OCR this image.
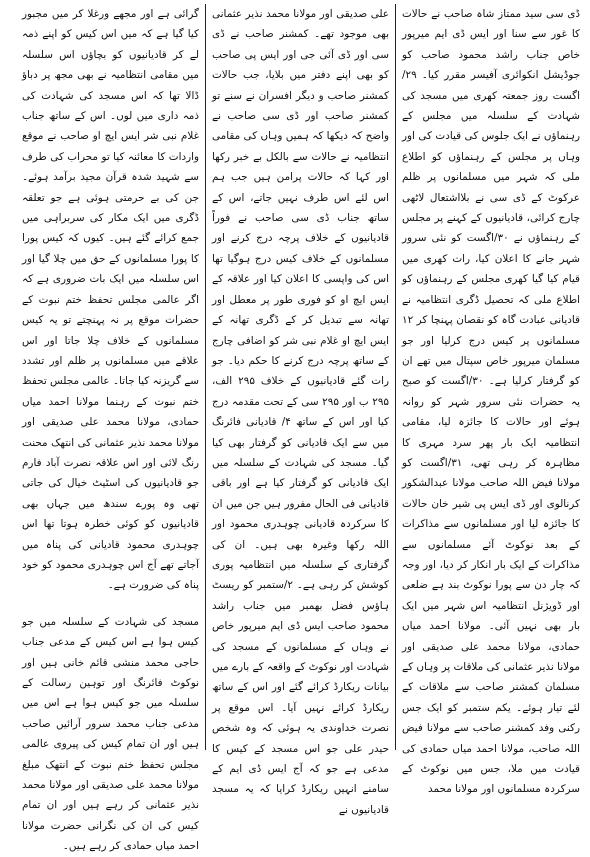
ڈی سی سید ممتاز شاہ صاحب نے حالات کا غور سے سنا اور ایس ڈی ایم میرپور خاص جناب راشد محمود صاحب کو جوڈیشل انکوائری آفیسر مقرر کیا۔ ۲۹/اگست روز جمعتہ کھری میں مسجد کی شہادت کے سلسلہ میں مجلس کے رہنماؤں نے ایک جلوس کی قیادت کی اور وہاں پر مجلس کے رہنماؤں کو اطلاع ملی کہ شہر میں مسلمانوں پر ظلم عرکوٹ کے ڈی سی نے بلااشتعال لاٹھی چارج کرائی، قادیانیوں کے کہنے پر مجلس کے رہنماؤں نے ۳۰/اگست کو نئی سرور شہر جانے کا اعلان کیا، رات کھری میں قیام کیا گیا کھری مجلس کے رہنماؤں کو اطلاع ملی کہ تحصیل ڈگری انتظامیہ نے قادیانی عبادت گاہ کو نقصان پہنچا کر ۱۲ مسلمانوں پر کیس درج کرلیا اور جو مسلمان میرپور خاص سپتال میں تھے ان کو گرفتار کرلیا ہے۔ ۳۰/اگست کو صبح یہ حضرات نئی سرور شہر کو روانہ ہوئے اور حالات کا جائزہ لیا، مقامی انتظامیہ ایک بار پھر سرد مہری کا مظاہرہ کر رہی تھی، ۳۱/اگست کو مولانا فیض اللہ صاحب مولانا عبدالشکور کرنالوی اور ڈی ایس پی شیر خان حالات کا جائزہ لیا اور مسلمانوں سے مذاکرات کے بعد نوکوٹ آئے مسلمانوں سے مذاکرات کے ایک بار انکار کر دیا، اور وجہ کہ چار دن سے پورا نوکوٹ بند ہے ضلعی اور ڈویژنل انتظامیہ اس شہر میں ایک بار بھی نہیں آئی۔ مولانا احمد میاں حمادی، مولانا محمد علی صدیقی اور مولانا نذیر عثمانی کی ملاقات پر وہاں کے مسلمان کمشنر صاحب سے ملاقات کے لئے تیار ہوئے۔ یکم ستمبر کو ایک جس رکنی وفد کمشنر صاحب سے مولانا فیض اللہ صاحب، مولانا احمد میاں حمادی کی قیادت میں ملا، جس میں نوکوٹ کے سرکردہ مسلمانوں اور مولانا محمد

علی صدیقی اور مولانا محمد نذیر عثمانی بھی موجود تھے۔ کمشنر صاحب نے ڈی سی اور ڈی آئی جی اور ایس پی صاحب کو بھی اپنے دفتر میں بلایا، جب حالات کمشنر صاحب و دیگر افسران نے سنے تو کمشنر صاحب اور ڈی سی صاحب نے واضح کہ دیکھا کہ ہمیں وہاں کی مقامی انتظامیہ نے حالات سے بالکل بے خبر رکھا اور کہا کہ حالات پرامن ہیں جب ہم اس لئے اس طرف نہیں جاتے، اس کے ساتھ جناب ڈی سی صاحب نے فوراً قادیانیوں کے خلاف پرچہ درج کرنے اور مسلمانوں کے خلاف کیس درج ہوگیا تھا اس کی واپسی کا اعلان کیا اور علاقہ کے ایس ایچ او کو فوری طور پر معطل اور تھانہ سے تبدیل کر کے ڈگری تھانہ کے ایس ایچ او غلام نبی شر کو اضافی چارج کے ساتھ پرچہ درج کرنے کا حکم دیا۔ جو رات گئے قادیانیوں کے خلاف ۲۹۵ الف، ۲۹۵ ب اور ۲۹۵ سی کے تحت مقدمہ درج کیا اور اس کے ساتھ ۴/ قادیانی فائرنگ میں سے ایک قادیانی کو گرفتار بھی کیا گیا۔ مسجد کی شہادت کے سلسلہ میں ایک قادیانی کو گرفتار کیا ہے اور باقی قادیانی فی الحال مفرور ہیں جن میں ان کا سرکردہ قادیانی چوہدری محمود اور اللہ رکھا وغیرہ بھی ہیں۔ ان کی گرفتاری کے سلسلہ میں انتظامیہ پوری کوشش کر رہی ہے۔ ۲/ستمبر کو ریسٹ ہاؤس فضل بھمبر میں جناب راشد محمود صاحب ایس ڈی ایم میرپور خاص نے وہاں کے مسلمانوں کے مسجد کی شہادت اور نوکوٹ کے واقعہ کے بارے میں بیانات ریکارڈ کرائے گئے اور اس کے ساتھ ریکارڈ کرائے نہیں آیا۔ اس موقع پر نصرت خداوندی یہ ہوئی کہ وہ شخص حیدر علی جو اس مسجد کے کیس کا مدعی ہے جو کہ آج ایس ڈی ایم کے سامنے انہیں ریکارڈ کرایا کہ یہ مسجد قادیانیوں نے

گرائی ہے اور مجھے ورغلا کر میں مجبور کیا گیا ہے کہ میں اس کیس کو اپنے ذمہ لے کر قادیانیوں کو بچاؤں اس سلسلہ میں مقامی انتظامیہ نے بھی مجھ پر دباؤ ڈالا تھا کہ اس مسجد کی شہادت کی ذمہ داری میں لوں۔ اس کے ساتھ جناب غلام نبی شر ایس ایچ او صاحب نے موقع واردات کا معائنہ کیا تو محراب کی طرف سے شہید شدہ قرآن مجید برآمد ہوئے۔ جن کی بے حرمتی ہوئی ہے جو تعلقہ ڈگری میں ایک مکار کی سربراہی میں جمع کرائے گئے ہیں۔ کیوں کہ کیس پورا کا پورا مسلمانوں کے حق میں چلا گیا اور اس سلسلہ میں ایک بات ضروری ہے کہ اگر عالمی مجلس تحفظ ختم نبوت کے حضرات موقع پر نہ پہنچتے تو یہ کیس مسلمانوں کے خلاف چلا جاتا اور اس علاقے میں مسلمانوں پر ظلم اور تشدد سے گریزنہ کیا جاتا۔ عالمی مجلس تحفظ ختم نبوت کے رہنما مولانا احمد میاں حمادی، مولانا محمد علی صدیقی اور مولانا محمد نذیر عثمانی کی انتھک محنت رنگ لائی اور اس علاقہ نصرت آباد فارم جو قادیانیوں کی اسٹیٹ خیال کی جاتی تھی وہ پورے سندھ میں جہاں بھی قادیانیوں کو کوئی خطرہ ہوتا تھا اس چوہدری محمود قادیانی کی پناہ میں آجاتے تھے آج اس چوہدری محمود کو خود پناہ کی ضرورت ہے۔

مسجد کی شہادت کے سلسلہ میں جو کیس ہوا ہے اس کیس کے مدعی جناب حاجی محمد منشی قائم خانی ہیں اور نوکوٹ فائرنگ اور توہین رسالت کے سلسلہ میں جو کیس ہوا ہے اس میں مدعی جناب محمد سرور آرائیں صاحب ہیں اور ان تمام کیس کی پیروی عالمی مجلس تحفظ ختم نبوت کے انتھک مبلغ مولانا محمد علی صدیقی اور مولانا محمد نذیر عثمانی کر رہے ہیں اور ان تمام کیس کی ان کی نگرانی حضرت مولانا احمد میاں حمادی کر رہے ہیں۔
